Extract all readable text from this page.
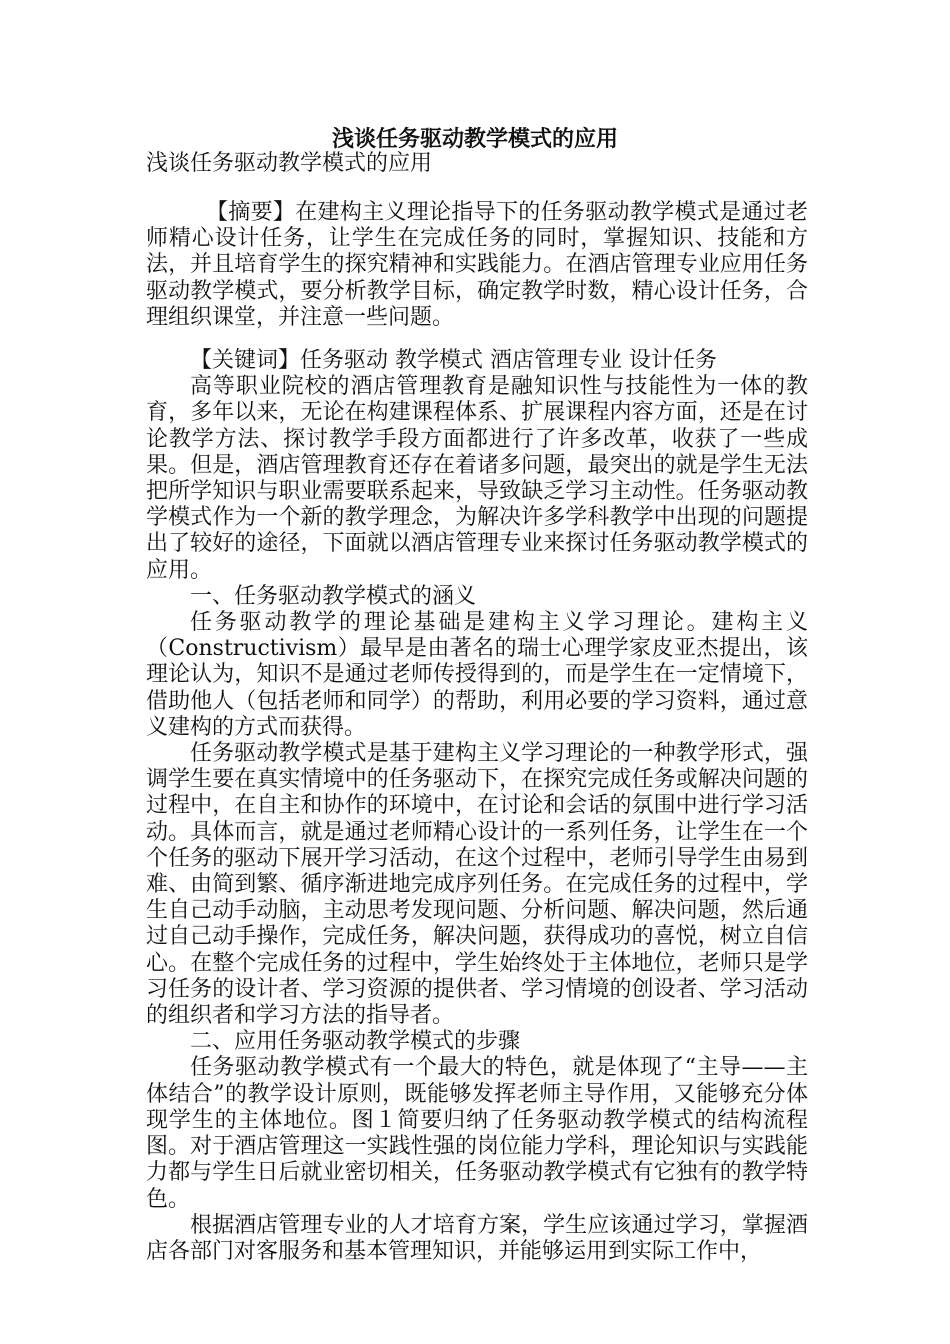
浅谈任务驱动教学模式的应用
浅谈任务驱动教学模式的应用
【摘要】在建构主义理论指导下的任务驱动教学模式是通过老师精心设计任务，让学生在完成任务的同时，掌握知识、技能和方法，并且培育学生的探究精神和实践能力。在酒店管理专业应用任务驱动教学模式，要分析教学目标，确定教学时数，精心设计任务，合理组织课堂，并注意一些问题。

【关键词】任务驱动 教学模式 酒店管理专业 设计任务

高等职业院校的酒店管理教育是融知识性与技能性为一体的教育，多年以来，无论在构建课程体系、扩展课程内容方面，还是在讨论教学方法、探讨教学手段方面都进行了许多改革，收获了一些成果。但是，酒店管理教育还存在着诸多问题，最突出的就是学生无法把所学知识与职业需要联系起来，导致缺乏学习主动性。任务驱动教学模式作为一个新的教学理念，为解决许多学科教学中出现的问题提出了较好的途径，下面就以酒店管理专业来探讨任务驱动教学模式的应用。

一、任务驱动教学模式的涵义

任务驱动教学的理论基础是建构主义学习理论。建构主义（Constructivism）最早是由著名的瑞士心理学家皮亚杰提出，该理论认为，知识不是通过老师传授得到的，而是学生在一定情境下，借助他人（包括老师和同学）的帮助，利用必要的学习资料，通过意义建构的方式而获得。

任务驱动教学模式是基于建构主义学习理论的一种教学形式，强调学生要在真实情境中的任务驱动下，在探究完成任务或解决问题的过程中，在自主和协作的环境中，在讨论和会话的氛围中进行学习活动。具体而言，就是通过老师精心设计的一系列任务，让学生在一个个任务的驱动下展开学习活动，在这个过程中，老师引导学生由易到难、由简到繁、循序渐进地完成序列任务。在完成任务的过程中，学生自己动手动脑，主动思考发现问题、分析问题、解决问题，然后通过自己动手操作，完成任务，解决问题，获得成功的喜悦，树立自信心。在整个完成任务的过程中，学生始终处于主体地位，老师只是学习任务的设计者、学习资源的提供者、学习情境的创设者、学习活动的组织者和学习方法的指导者。

二、应用任务驱动教学模式的步骤

任务驱动教学模式有一个最大的特色，就是体现了“主导——主体结合”的教学设计原则，既能够发挥老师主导作用，又能够充分体现学生的主体地位。图１简要归纳了任务驱动教学模式的结构流程图。对于酒店管理这一实践性强的岗位能力学科，理论知识与实践能力都与学生日后就业密切相关，任务驱动教学模式有它独有的教学特色。

根据酒店管理专业的人才培育方案，学生应该通过学习，掌握酒店各部门对客服务和基本管理知识，并能够运用到实际工作中，
